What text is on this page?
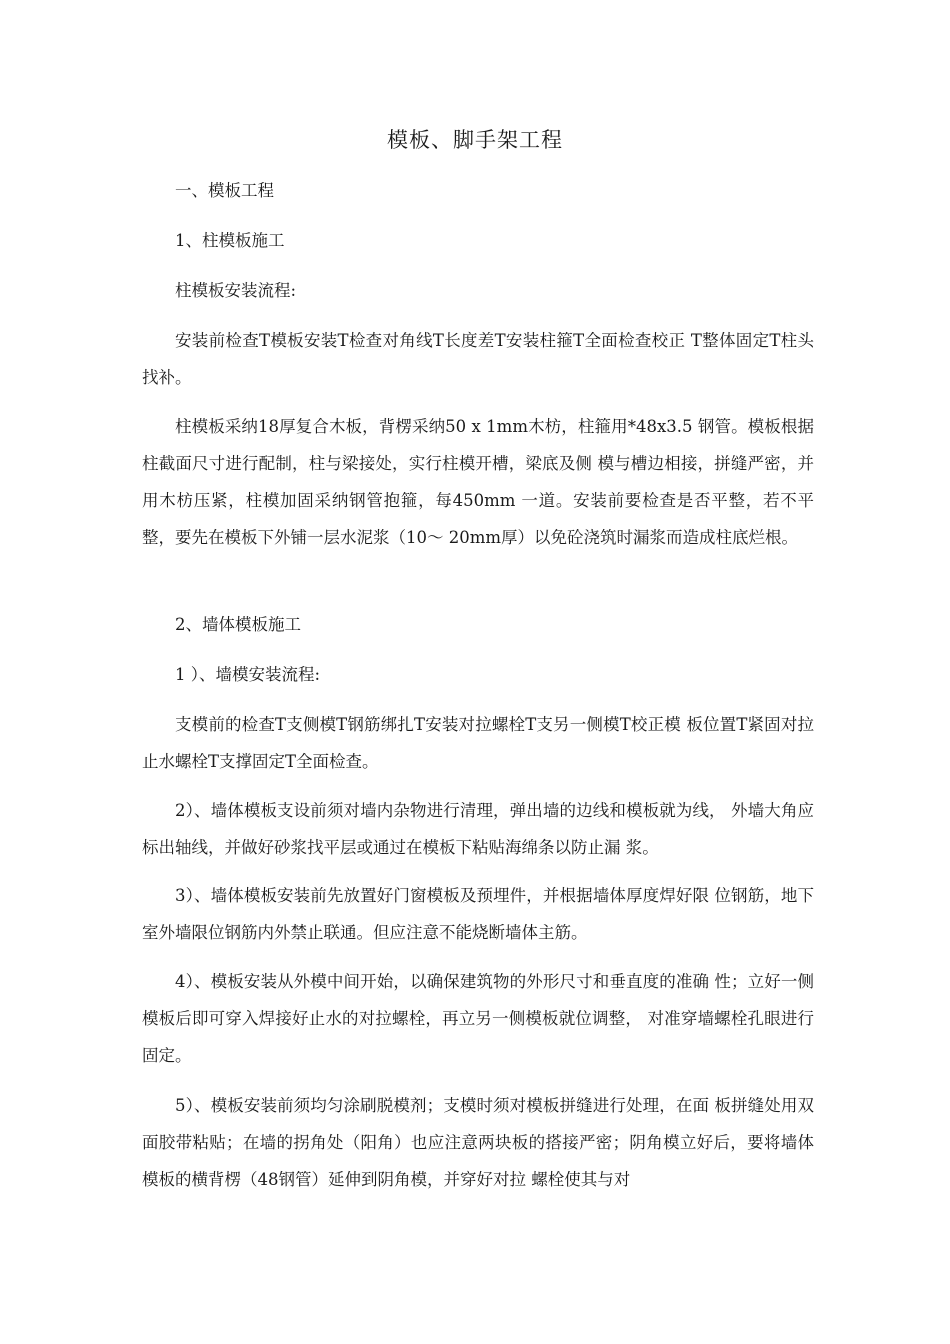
模板、脚手架工程

一、模板工程

1、柱模板施工

柱模板安装流程:

安装前检查T模板安装T检查对角线T长度差T安装柱箍T全面检查校正 T整体固定T柱头找补。

柱模板采纳18厚复合木板，背楞采纳50 x 1mm木枋，柱箍用*48x3.5 钢管。模板根据柱截面尺寸进行配制，柱与梁接处，实行柱模开槽，梁底及侧 模与槽边相接，拼缝严密，并用木枋压紧，柱模加固采纳钢管抱箍，每450mm 一道。安装前要检查是否平整，若不平整，要先在模板下外铺一层水泥浆（10〜 20mm厚）以免砼浇筑时漏浆而造成柱底烂根。

2、墙体模板施工

1 ）、墙模安装流程:

支模前的检查T支侧模T钢筋绑扎T安装对拉螺栓T支另一侧模T校正模 板位置T紧固对拉止水螺栓T支撑固定T全面检查。

2）、墙体模板支设前须对墙内杂物进行清理，弹出墙的边线和模板就为线， 外墙大角应标出轴线，并做好砂浆找平层或通过在模板下粘贴海绵条以防止漏 浆。

3）、墙体模板安装前先放置好门窗模板及预埋件，并根据墙体厚度焊好限 位钢筋，地下室外墙限位钢筋内外禁止联通。但应注意不能烧断墙体主筋。

4）、模板安装从外模中间开始，以确保建筑物的外形尺寸和垂直度的准确 性；立好一侧模板后即可穿入焊接好止水的对拉螺栓，再立另一侧模板就位调整， 对准穿墙螺栓孔眼进行固定。

5）、模板安装前须均匀涂刷脱模剂；支模时须对模板拼缝进行处理，在面 板拼缝处用双面胶带粘贴；在墙的拐角处（阳角）也应注意两块板的搭接严密；阴角模立好后，要将墙体模板的横背楞（48钢管）延伸到阴角模，并穿好对拉 螺栓使其与对
